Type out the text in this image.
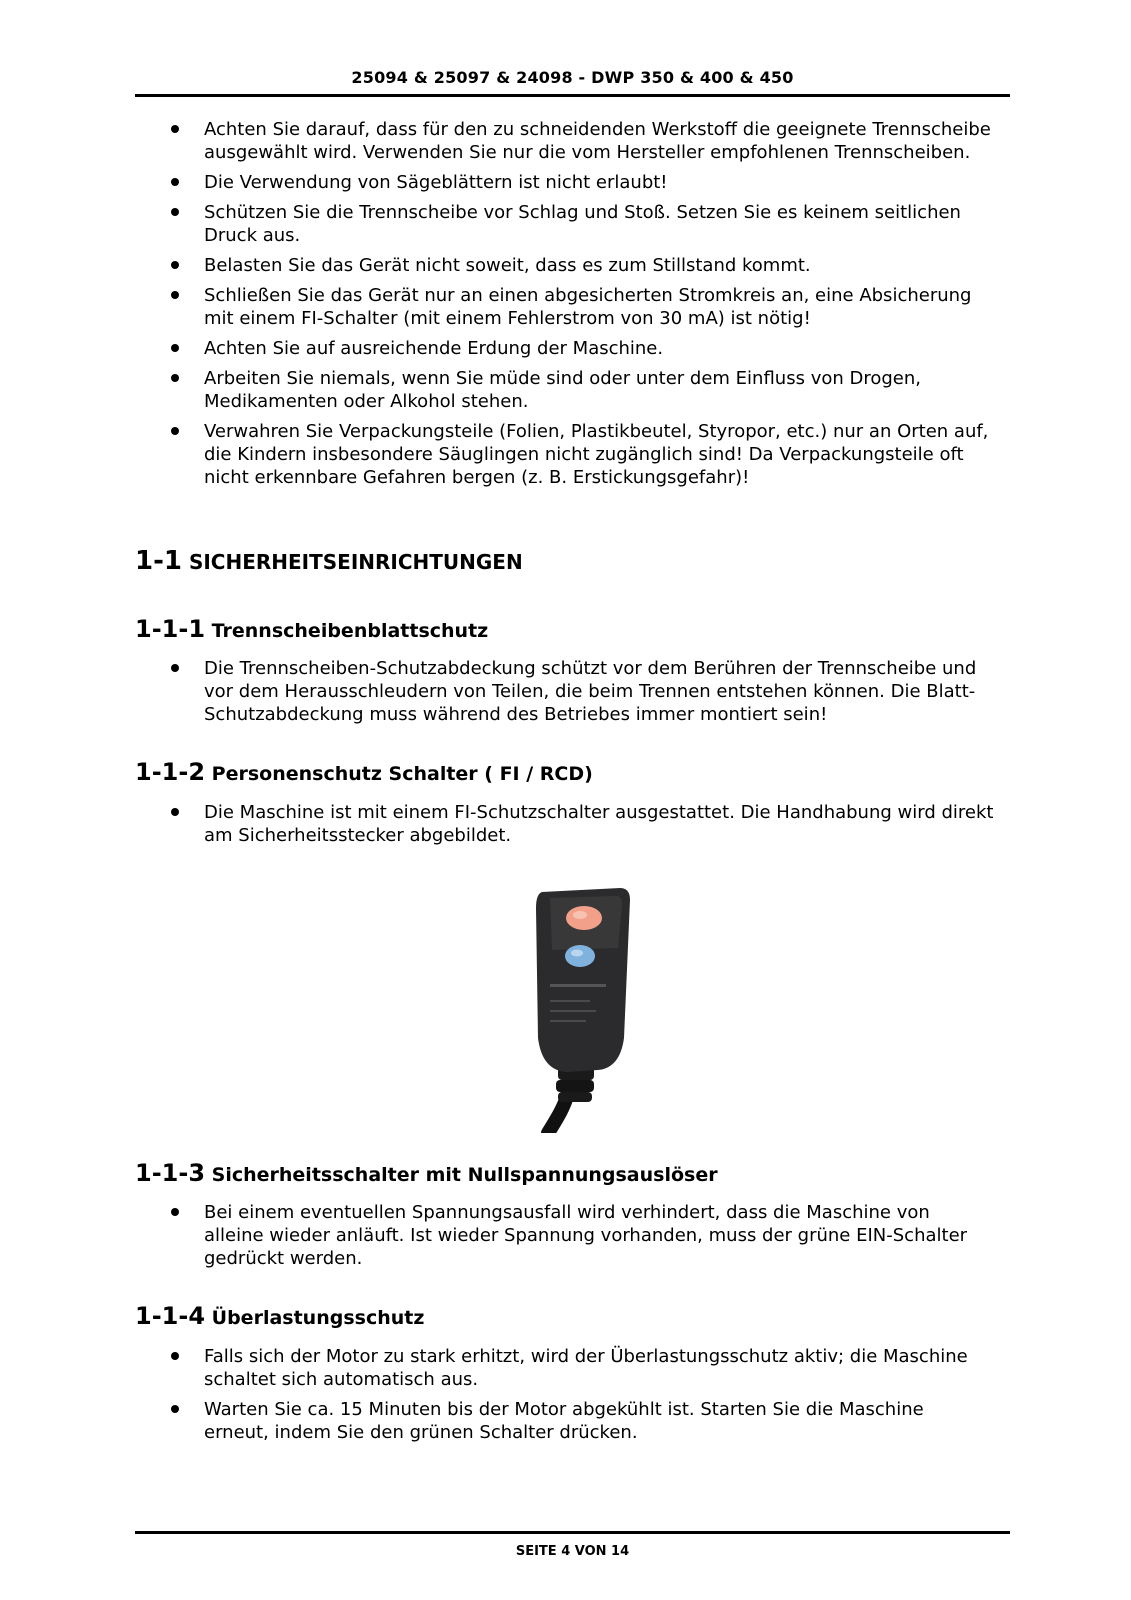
25094 & 25097 & 24098 - DWP 350 & 400 & 450
Achten Sie darauf, dass für den zu schneidenden Werkstoff die geeignete Trennscheibe ausgewählt wird. Verwenden Sie nur die vom Hersteller empfohlenen Trennscheiben.
Die Verwendung von Sägeblättern ist nicht erlaubt!
Schützen Sie die Trennscheibe vor Schlag und Stoß. Setzen Sie es keinem seitlichen Druck aus.
Belasten Sie das Gerät nicht soweit, dass es zum Stillstand kommt.
Schließen Sie das Gerät nur an einen abgesicherten Stromkreis an, eine Absicherung mit einem FI-Schalter (mit einem Fehlerstrom von 30 mA) ist nötig!
Achten Sie auf ausreichende Erdung der Maschine.
Arbeiten Sie niemals, wenn Sie müde sind oder unter dem Einfluss von Drogen, Medikamenten oder Alkohol stehen.
Verwahren Sie Verpackungsteile (Folien, Plastikbeutel, Styropor, etc.) nur an Orten auf, die Kindern insbesondere Säuglingen nicht zugänglich sind! Da Verpackungsteile oft nicht erkennbare Gefahren bergen (z. B. Erstickungsgefahr)!
1-1 SICHERHEITSEINRICHTUNGEN
1-1-1 Trennscheibenblattschutz
Die Trennscheiben-Schutzabdeckung schützt vor dem Berühren der Trennscheibe und vor dem Herausschleudern von Teilen, die beim Trennen entstehen können. Die Blatt-Schutzabdeckung muss während des Betriebes immer montiert sein!
1-1-2 Personenschutz Schalter ( FI / RCD)
Die Maschine ist mit einem FI-Schutzschalter ausgestattet. Die Handhabung wird direkt am Sicherheitsstecker abgebildet.
1-1-3 Sicherheitsschalter mit Nullspannungsauslöser
Bei einem eventuellen Spannungsausfall wird verhindert, dass die Maschine von alleine wieder anläuft. Ist wieder Spannung vorhanden, muss der grüne EIN-Schalter gedrückt werden.
1-1-4 Überlastungsschutz
Falls sich der Motor zu stark erhitzt, wird der Überlastungsschutz aktiv; die Maschine schaltet sich automatisch aus.
Warten Sie ca. 15 Minuten bis der Motor abgekühlt ist. Starten Sie die Maschine erneut, indem Sie den grünen Schalter drücken.
SEITE 4 VON 14
